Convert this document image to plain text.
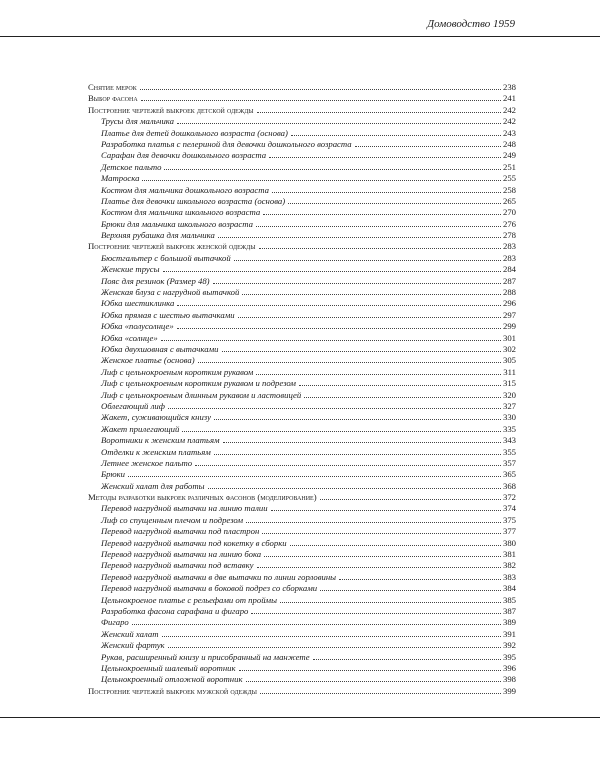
Домоводство 1959
Снятие мерок	238
Выбор фасона	241
Построение чертежей выкроек детской одежды	242
Трусы для мальчика	242
Платье для детей дошкольного возраста (основа)	243
Разработка платья с пелериной для девочки дошкольного возраста	248
Сарафан для девочки дошкольного возраста	249
Детское пальто	251
Матроска	255
Костюм для мальчика дошкольного возраста	258
Платье для девочки школьного возраста (основа)	265
Костюм для мальчика школьного возраста	270
Брюки для мальчика школьного возраста	276
Верхняя рубашка для мальчика	278
Построение чертежей выкроек женской одежды	283
Бюстгальтер с большой вытачкой	283
Женские трусы	284
Пояс для резинок (Размер 48)	287
Женская блуза с нагрудной вытачкой	288
Юбка шестиклинка	296
Юбка прямая с шестью вытачками	297
Юбка «полусолнце»	299
Юбка «солнце»	301
Юбка двухшовная с вытачками	302
Женское платье (основа)	305
Лиф с цельнокроеным коротким рукавом	311
Лиф с цельнокроеным коротким рукавом и подрезом	315
Лиф с цельнокроеным длинным рукавом и ластовицей	320
Облегающий лиф	327
Жакет, суживающийся книзу	330
Жакет прилегающий	335
Воротники к женским платьям	343
Отделки к женским платьям	355
Летнее женское пальто	357
Брюки	365
Женский халат для работы	368
Методы разработки выкроек различных фасонов (моделирование)	372
Перевод нагрудной вытачки на линию талии	374
Лиф со спущенным плечом и подрезом	375
Перевод нагрудной вытачки под пластрон	377
Перевод нагрудной вытачки под кокетку в сборки	380
Перевод нагрудной вытачки на линию бока	381
Перевод нагрудной вытачки под вставку	382
Перевод нагрудной вытачки в две вытачки по линии горловины	383
Перевод нагрудной вытачки в боковой подрез со сборками	384
Цельнокроеное платье с рельефами от проймы	385
Разработка фасона сарафана и фигаро	387
Фигаро	389
Женский халат	391
Женский фартук	392
Рукав, расширенный книзу и присобранный на манжете	395
Цельнокроенный шалевый воротник	396
Цельнокроенный отложной воротник	398
Построение чертежей выкроек мужской одежды	399
